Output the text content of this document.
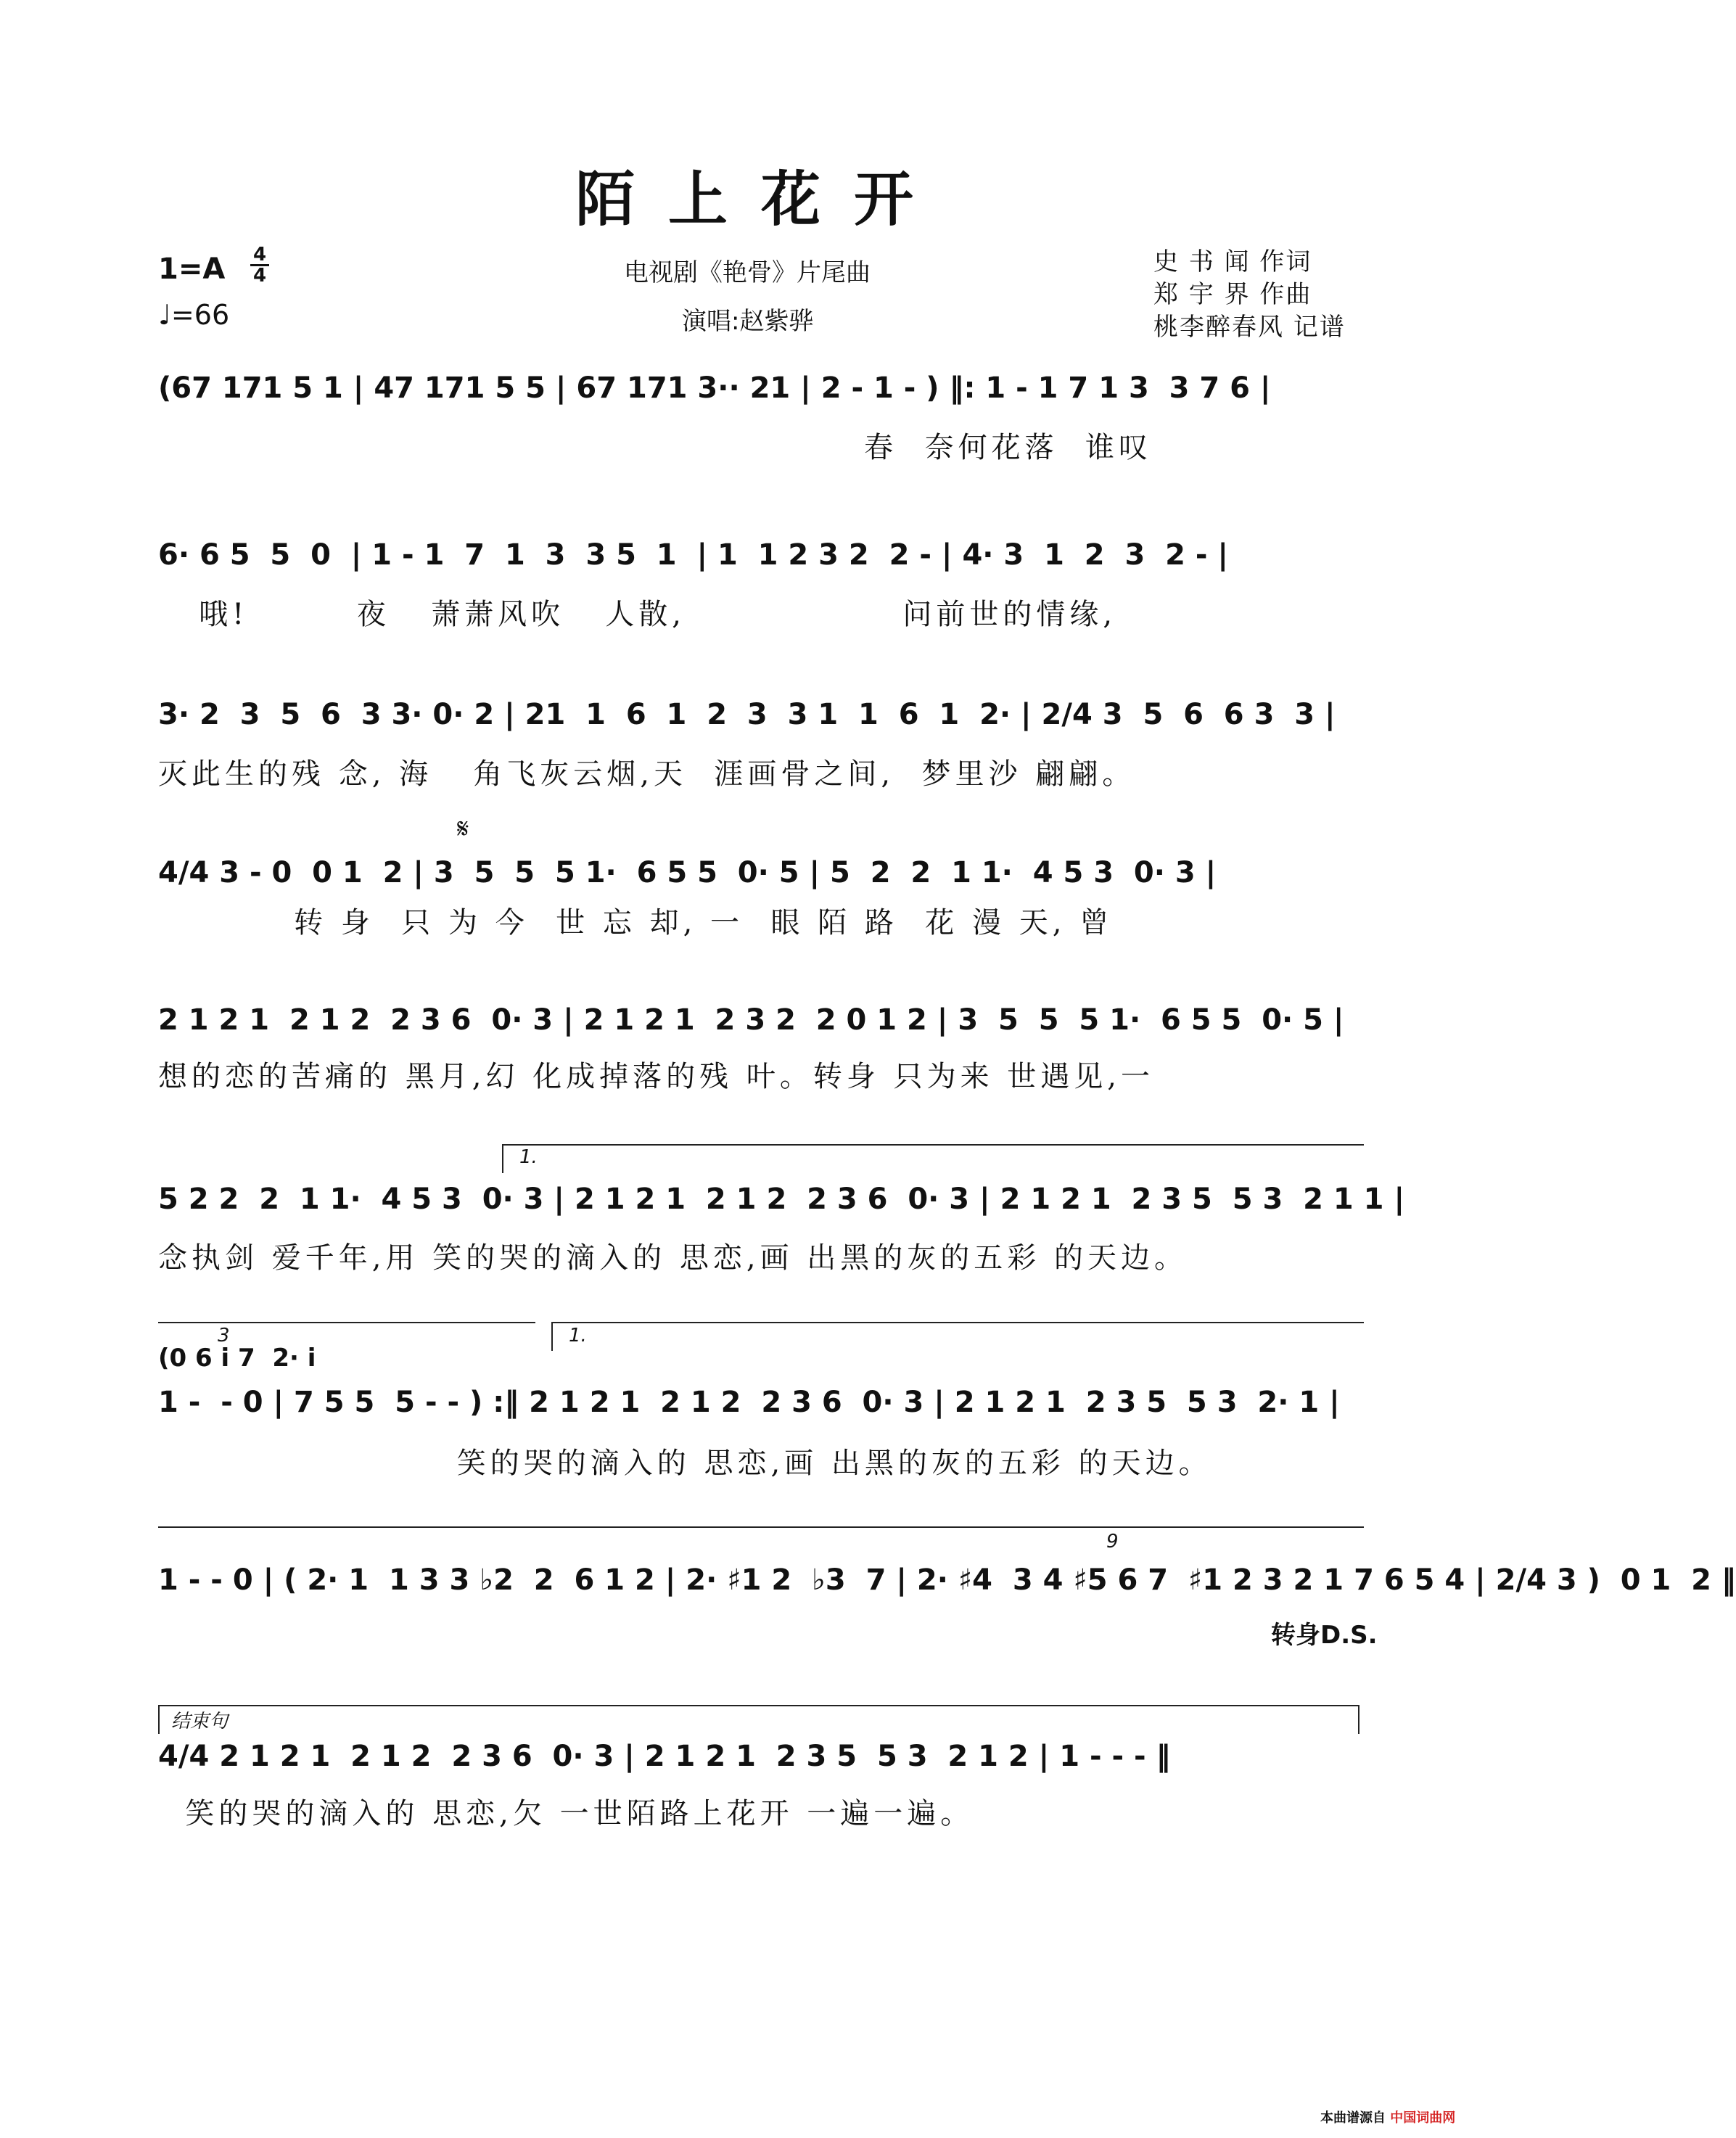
陌上花开
电视剧《艳骨》片尾曲
演唱:赵紫骅
史 书 闻 作词
郑 宇 界 作曲
桃李醉春风 记谱
1=A 4
4
♩=66
(67 171 5 1 | 47 171 5 5 | 67 171 3·· 21 | 2 - 1 - ) ‖: 1 - 1 7 1 3  3 7 6 |
春  奈何花落  谁叹
6· 6 5  5  0  | 1 - 1  7  1  3  3 5  1  | 1  1 2 3 2  2 - | 4· 3  1  2  3  2 - |
哦!        夜   萧萧风吹   人散,                问前世的情缘,
3· 2  3  5  6  3 3· 0· 2 | 21  1  6  1  2  3  3 1  1  6  1  2· | 2/4 3  5  6  6 3  3 |
灭此生的残 念, 海   角飞灰云烟,天  涯画骨之间,  梦里沙 翩翩。
𝄋
4/4 3 - 0  0 1  2 | 3  5  5  5 1·  6 5 5  0· 5 | 5  2  2  1 1·  4 5 3  0· 3 |
转 身  只 为 今  世 忘 却, 一  眼 陌 路  花 漫 天, 曾
2 1 2 1  2 1 2  2 3 6  0· 3 | 2 1 2 1  2 3 2  2 0 1 2 | 3  5  5  5 1·  6 5 5  0· 5 |
想的恋的苦痛的 黑月,幻 化成掉落的残 叶。转身 只为来 世遇见,一
1.
5 2 2  2  1 1·  4 5 3  0· 3 | 2 1 2 1  2 1 2  2 3 6  0· 3 | 2 1 2 1  2 3 5  5 3  2 1 1 |
念执剑 爱千年,用 笑的哭的滴入的 思恋,画 出黑的灰的五彩 的天边。
1.
3
(0 6 i 7  2· i
1 -  - 0 | 7 5 5  5 - - ) :‖ 2 1 2 1  2 1 2  2 3 6  0· 3 | 2 1 2 1  2 3 5  5 3  2· 1 |
笑的哭的滴入的 思恋,画 出黑的灰的五彩 的天边。
9
1 - - 0 | ( 2· 1  1 3 3 ♭2  2  6 1 2 | 2· ♯1 2  ♭3  7 | 2· ♯4  3 4 ♯5 6 7  ♯1 2 3 2 1 7 6 5 4 | 2/4 3 )  0 1  2 ‖
转身D.S.
结束句
4/4 2 1 2 1  2 1 2  2 3 6  0· 3 | 2 1 2 1  2 3 5  5 3  2 1 2 | 1 - - - ‖
笑的哭的滴入的 思恋,欠 一世陌路上花开 一遍一遍。
本曲谱源自 中国词曲网
